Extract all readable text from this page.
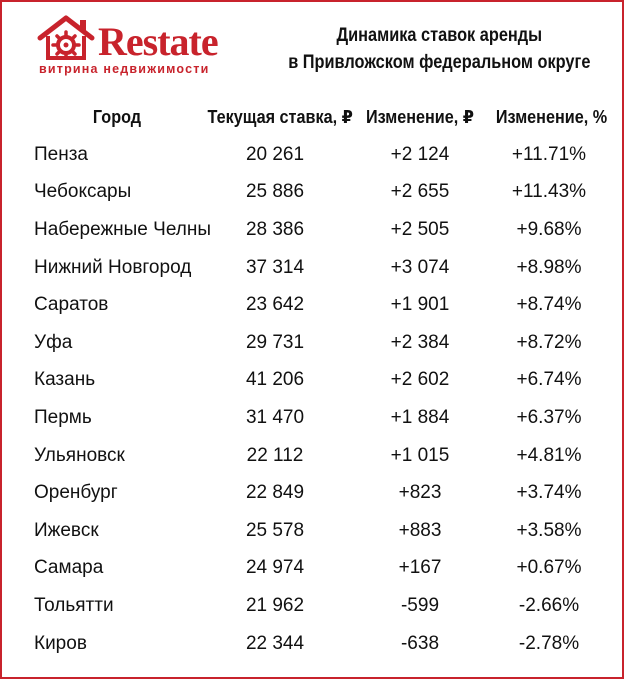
Restate
витрина недвижимости
Динамика ставок аренды
в Привложском федеральном округе
Город	Текущая ставка, ₽	Изменение, ₽	Изменение, %
Пенза	20 261	+2 124	+11.71%
Чебоксары	25 886	+2 655	+11.43%
Набережные Челны	28 386	+2 505	+9.68%
Нижний Новгород	37 314	+3 074	+8.98%
Саратов	23 642	+1 901	+8.74%
Уфа	29 731	+2 384	+8.72%
Казань	41 206	+2 602	+6.74%
Пермь	31 470	+1 884	+6.37%
Ульяновск	22 112	+1 015	+4.81%
Оренбург	22 849	+823	+3.74%
Ижевск	25 578	+883	+3.58%
Самара	24 974	+167	+0.67%
Тольятти	21 962	-599	-2.66%
Киров	22 344	-638	-2.78%
